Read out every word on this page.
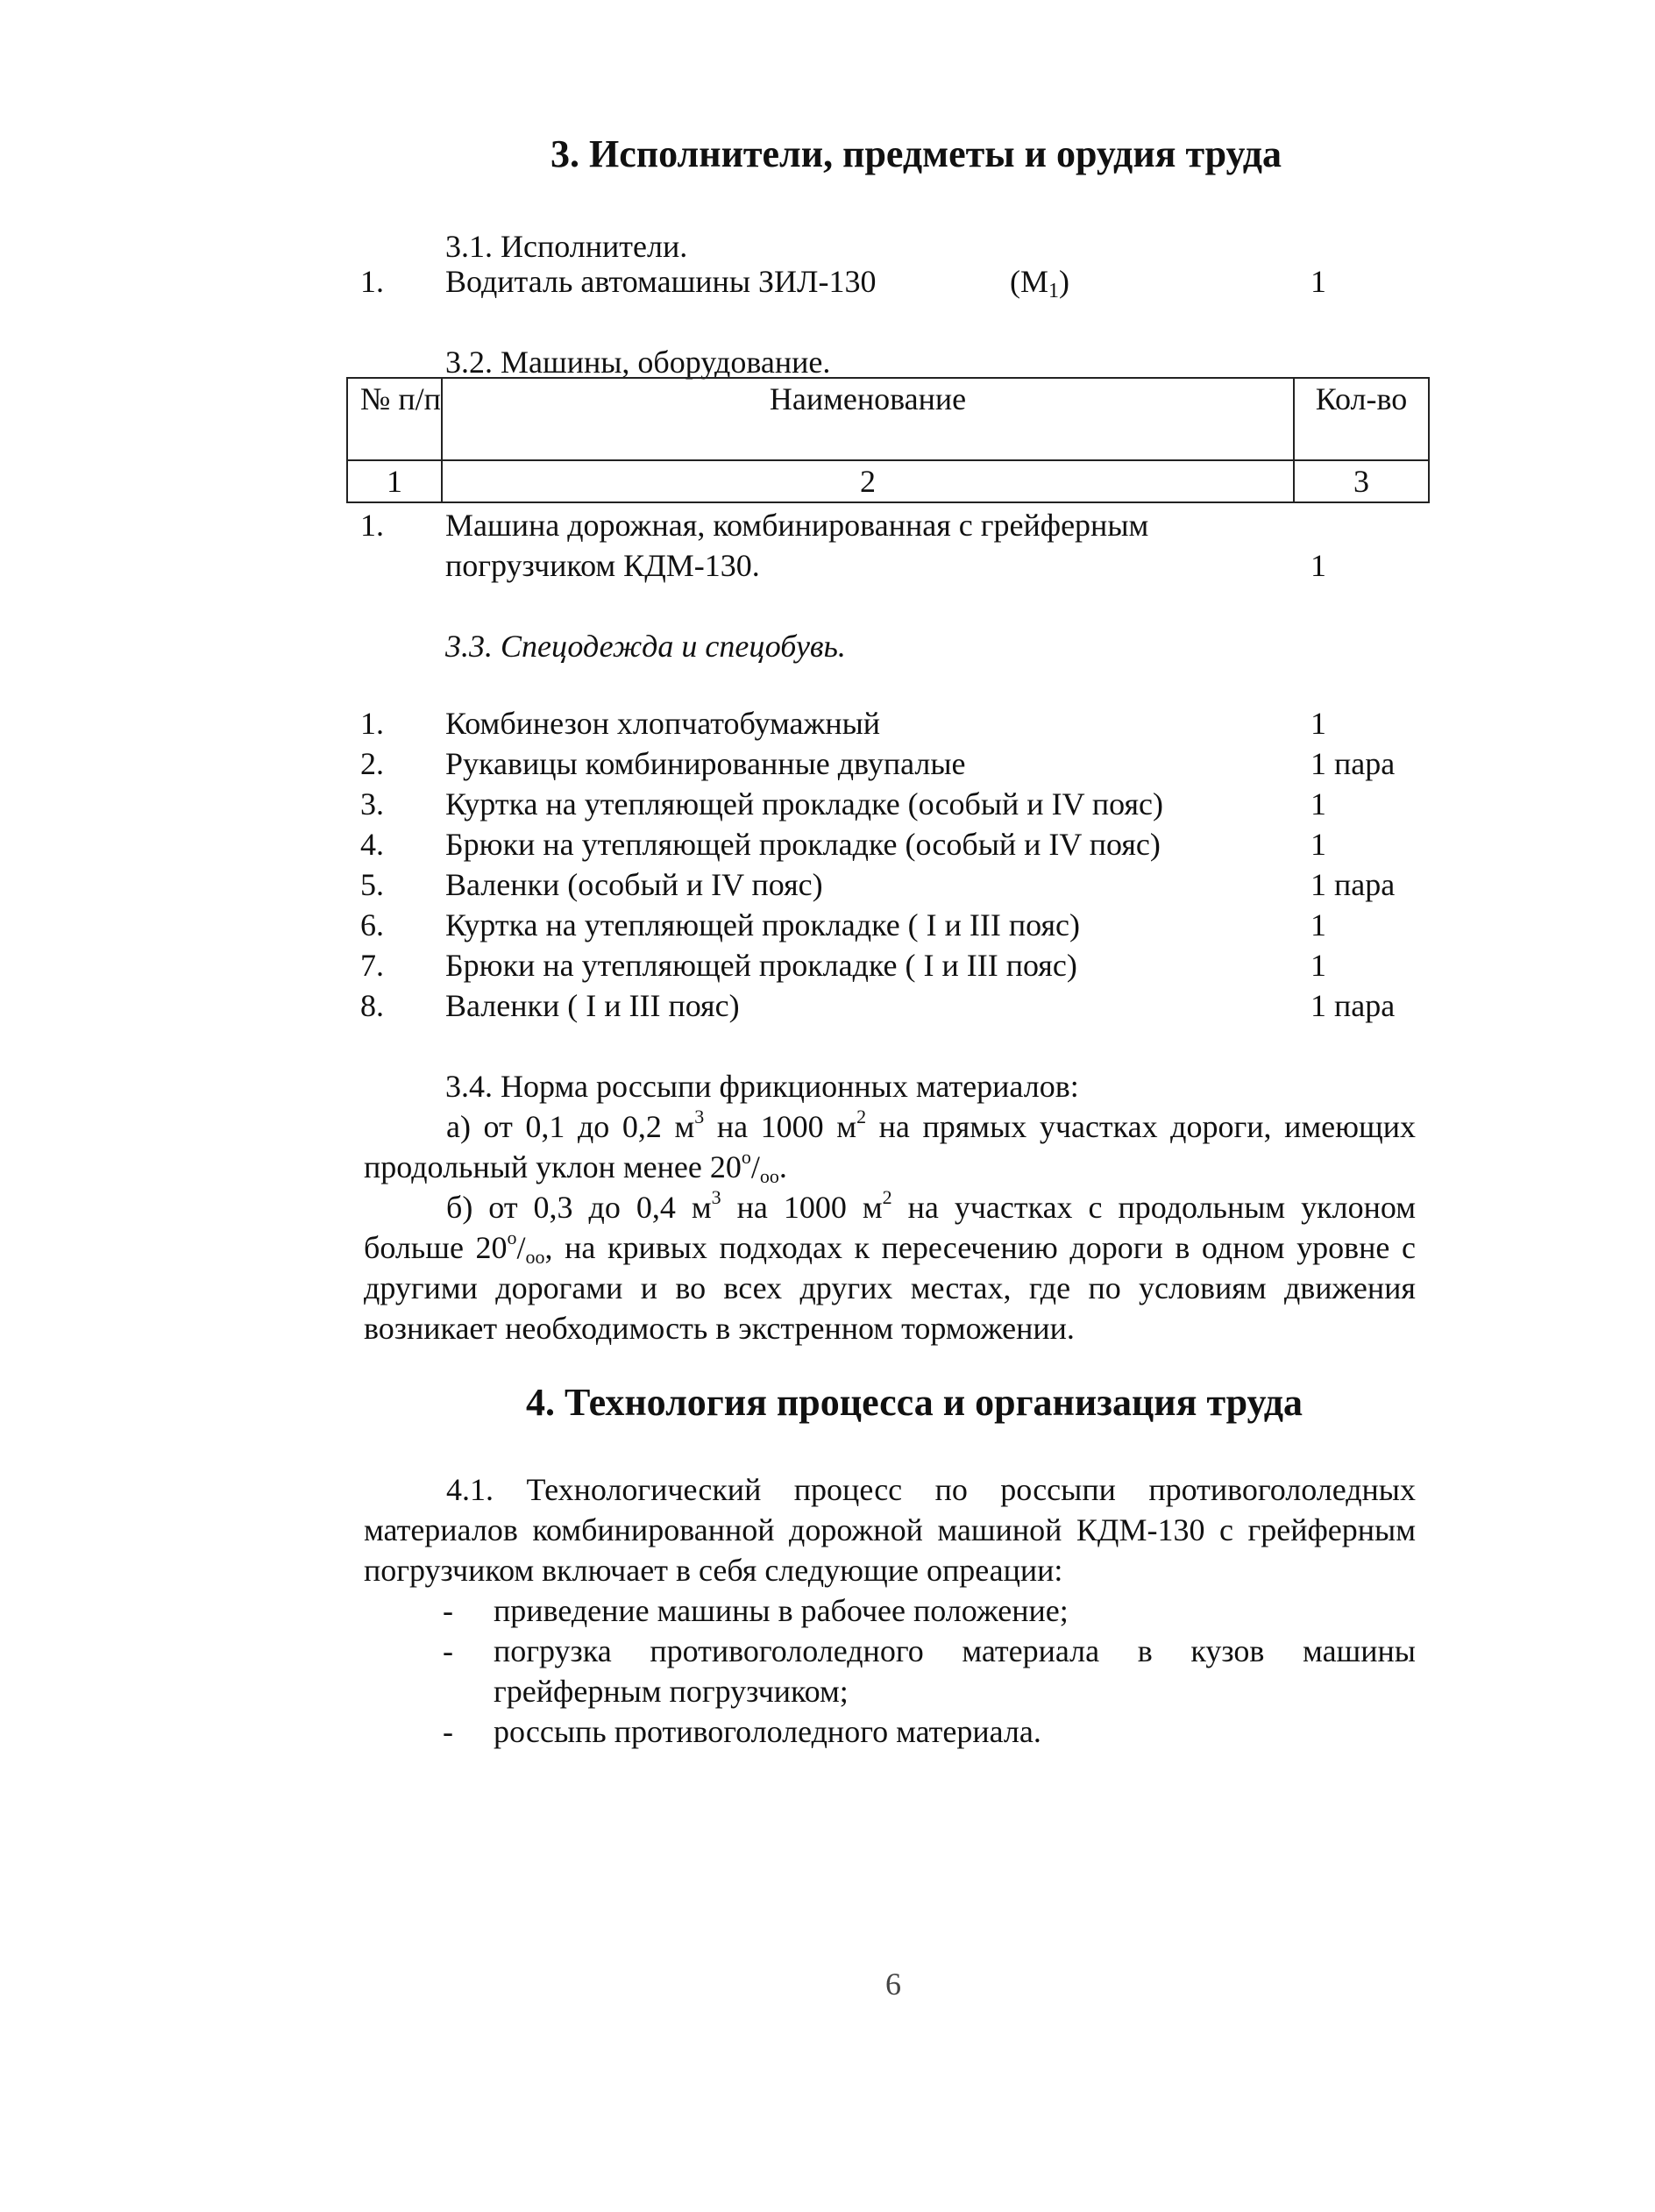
3. Исполнители, предметы и орудия труда
3.1. Исполнители.
1. Водиталь автомашины ЗИЛ-130	$(М_1)$	1
3.2. Машины, оборудование.
№ п/п	Наименование	Кол-во
1	2	3
1. Машина дорожная, комбинированная с грейферным
погрузчиком КДМ-130.	1
3.3. Спецодежда и спецобувь.
1. Комбинезон хлопчатобумажный	1
2. Рукавицы комбинированные двупалые	1 пара
3. Куртка на утепляющей прокладке (особый и IV пояс)	1
4. Брюки на утепляющей прокладке (особый и IV пояс)	1
5. Валенки (особый и IV пояс)	1 пара
6. Куртка на утепляющей прокладке ( I и III пояс)	1
7. Брюки на утепляющей прокладке ( I и III пояс)	1
8. Валенки ( I и III пояс)	1 пара
3.4. Норма россыпи фрикционных материалов:
а) от 0,1 до 0,2 $м^3$ на 1000 $м^2$ на прямых участках дороги, имеющих продольный уклон менее $20^о/_{оо}$.
б) от 0,3 до 0,4 $м^3$ на 1000 $м^2$ на участках с продольным уклоном больше $20^о/_{оо}$, на кривых подходах к пересечению дороги в одном уровне с другими дорогами и во всех других местах, где по условиям движения возникает необходимость в экстренном торможении.
4. Технология процесса и организация труда
4.1. Технологический процесс по россыпи противогололедных материалов комбинированной дорожной машиной КДМ-130 с грейферным погрузчиком включает в себя следующие опреации:
- приведение машины в рабочее положение;
- погрузка противогололедного материала в кузов машины грейферным погрузчиком;
- россыпь противогололедного материала.
6
